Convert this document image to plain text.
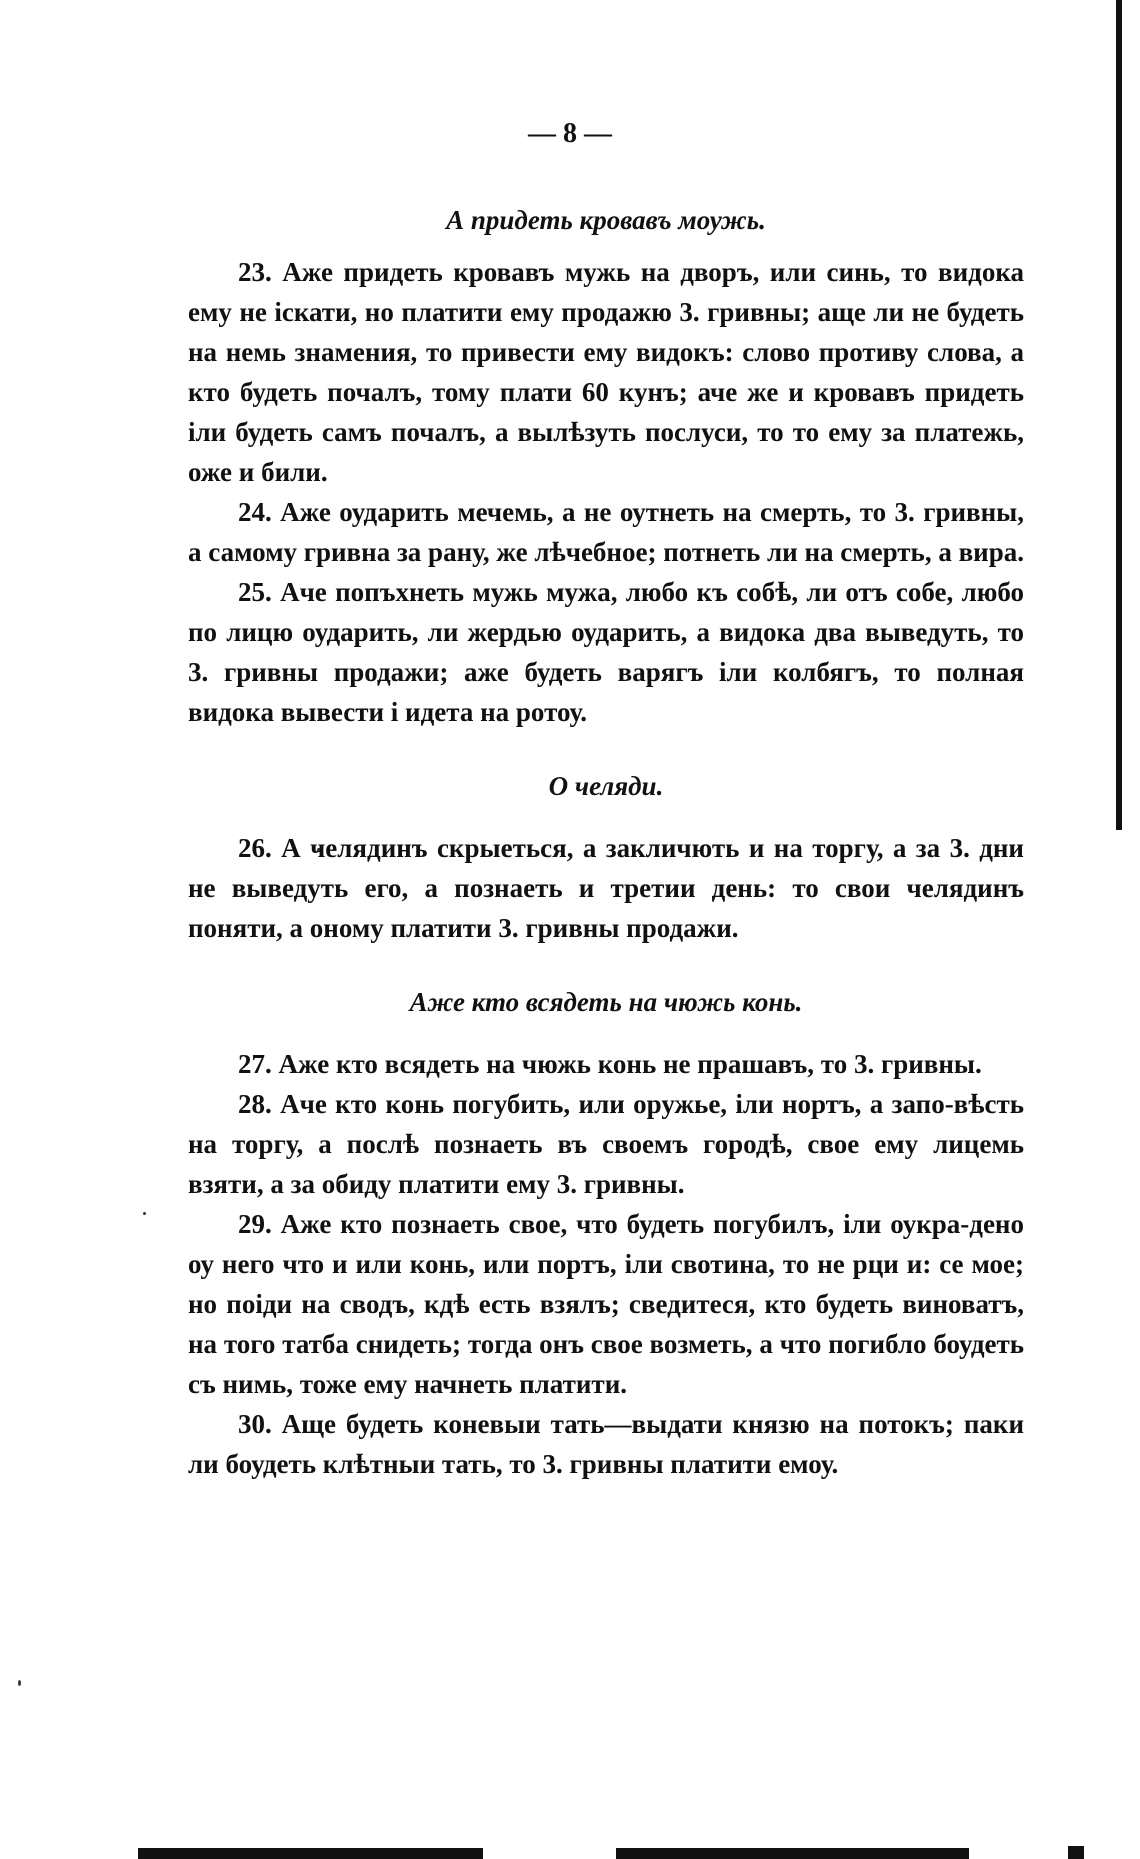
— 8 —
А придеть кровавъ моужь.

23. Аже придеть кровавъ мужь на дворъ, или синь, то видока ему не іскати, но платити ему продажю 3. гривны; аще ли не будеть на немь знамения, то привести ему видокъ: слово противу слова, а кто будеть почалъ, тому плати 60 кунъ; аче же и кровавъ придеть іли будеть самъ почалъ, а вылѣзуть послуси, то то ему за платежь, оже и били.

24. Аже оударить мечемь, а не оутнеть на смерть, то 3. гривны, а самому гривна за рану, же лѣчебное; потнеть ли на смерть, а вира.

25. Аче попъхнеть мужь мужа, любо къ собѣ, ли отъ собе, любо по лицю оударить, ли жердью оударить, а видока два выведуть, то 3. гривны продажи; аже будеть варягъ іли колбягъ, то полная видока вывести і идета на ротоу.

О челяди.

26. А челядинъ скрыеться, а закличють и на торгу, а за 3. дни не выведуть его, а познаеть и третии день: то свои челядинъ поняти, а оному платити 3. гривны продажи.

Аже кто всядеть на чюжь конь.

27. Аже кто всядеть на чюжь конь не прашавъ, то 3. гривны.

28. Аче кто конь погубить, или оружье, іли нортъ, а запо-вѣсть на торгу, а послѣ познаеть въ своемъ городѣ, свое ему лицемь взяти, а за обиду платити ему 3. гривны.

29. Аже кто познаеть свое, что будеть погубилъ, іли оукра-дено оу него что и или конь, или портъ, іли свотина, то не рци и: се мое; но поіди на сводъ, кдѣ есть взялъ; сведитеся, кто будеть виноватъ, на того татба снидеть; тогда онъ свое возметь, а что погибло боудеть съ нимь, тоже ему начнеть платити.

30. Аще будеть коневыи тать—выдати князю на потокъ; паки ли боудеть клѣтныи тать, то 3. гривны платити емоу.
